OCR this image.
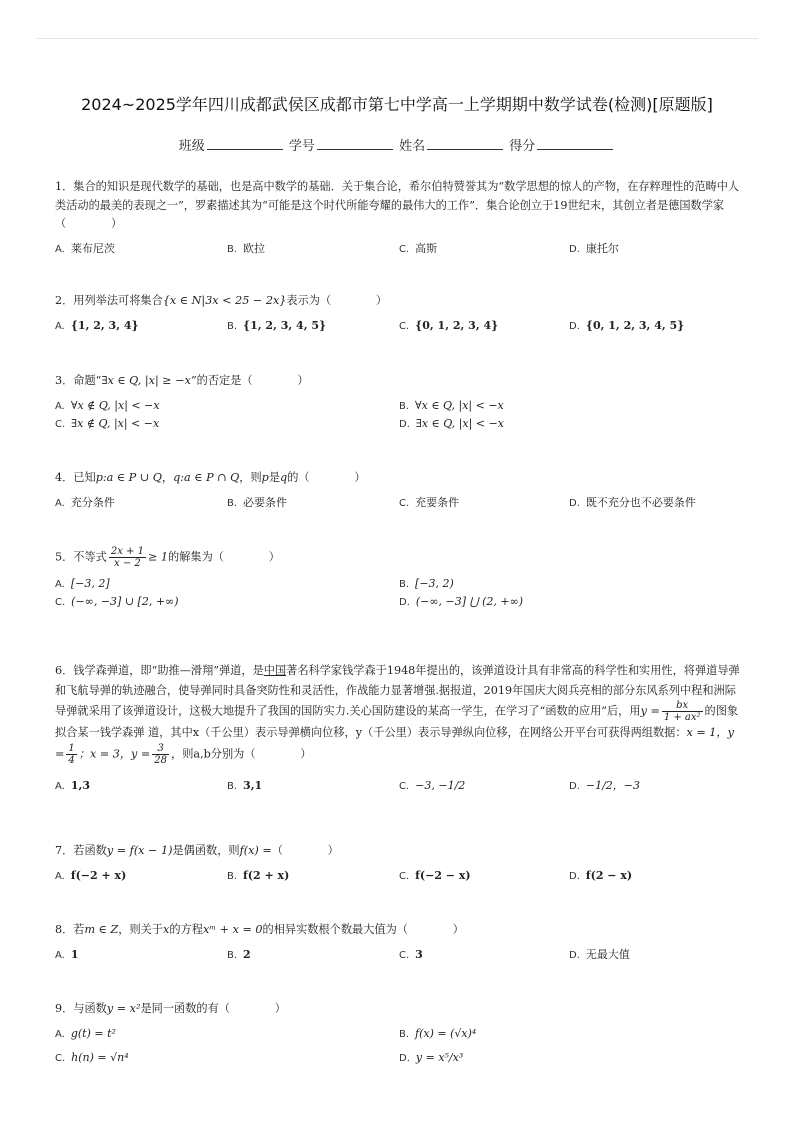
2024~2025学年四川成都武侯区成都市第七中学高一上学期期中数学试卷(检测)[原题版]
班级	学号	姓名	得分
1．集合的知识是现代数学的基础，也是高中数学的基础．关于集合论，希尔伯特赞誉其为“数学思想的惊人的产物，在存粹理性的范畴中人类活动的最美的表现之一”，罗素描述其为“可能是这个时代所能夸耀的最伟大的工作”．集合论创立于19世纪末，其创立者是德国数学家（　　　　）
A. 莱布尼茨	B. 欧拉	C. 高斯	D. 康托尔
2．用列举法可将集合{x ∈ N|3x < 25 − 2x}表示为（　　　　）
A. {1, 2, 3, 4}	B. {1, 2, 3, 4, 5}	C. {0, 1, 2, 3, 4}	D. {0, 1, 2, 3, 4, 5}
3．命题“∃x ∈ Q, |x| ≥ −x”的否定是（　　　　）
A. ∀x ∉ Q, |x| < −x	B. ∀x ∈ Q, |x| < −x
C. ∃x ∉ Q, |x| < −x	D. ∃x ∈ Q, |x| < −x
4．已知p:a ∈ P ∪ Q，q:a ∈ P ∩ Q，则p是q的（　　　　）
A. 充分条件	B. 必要条件	C. 充要条件	D. 既不充分也不必要条件
5．不等式 $\frac{2x + 1}{x - 2} \ge 1$的解集为（　　　　）
A. [−3, 2]	B. [−3, 2)
C. (−∞, −3] ∪ [2, +∞)	D. (−∞, −3] ⋃ (2, +∞)
6．钱学森弹道，即“助推—滑翔”弹道，是中国著名科学家钱学森于1948年提出的，该弹道设计具有非常高的科学性和实用性，将弹道导弹和飞航导弹的轨迹融合，使导弹同时具备突防性和灵活性，作战能力显著增强.据报道，2019年国庆大阅兵亮相的部分东风系列中程和洲际导弹就采用了该弹道设计，这极大地提升了我国的国防实力.关心国防建设的某高一学生，在学习了“函数的应用”后，用$y = \frac{bx}{\text{1 + ax²}}$ 的图象拟合某一钱学森弹 道，其中x（千公里）表示导弹横向位移，y（千公里）表示导弹纵向位移，在网络公开平台可获得两组数据：x = 1，$y = \frac{1}{4}$ ；x = 3，$y = \frac{3}{28}$ ，则a,b分别为（　　　　）
A. 1,3	B. 3,1	C. −3, −1/2	D. −1/2，−3
7．若函数y = f(x − 1)是偶函数，则f(x) =（　　　　）
A. f(−2 + x)	B. f(2 + x)	C. f(−2 − x)	D. f(2 − x)
8．若m ∈ Z，则关于x的方程xᵐ + x = 0的相异实数根个数最大值为（　　　　）
A. 1	B. 2	C. 3	D. 无最大值
9．与函数y = x²是同一函数的有（　　　　）
A. g(t) = t²	B. f(x) = (√x)⁴
C. h(n) = √n⁴	D. y = x⁵/x³
